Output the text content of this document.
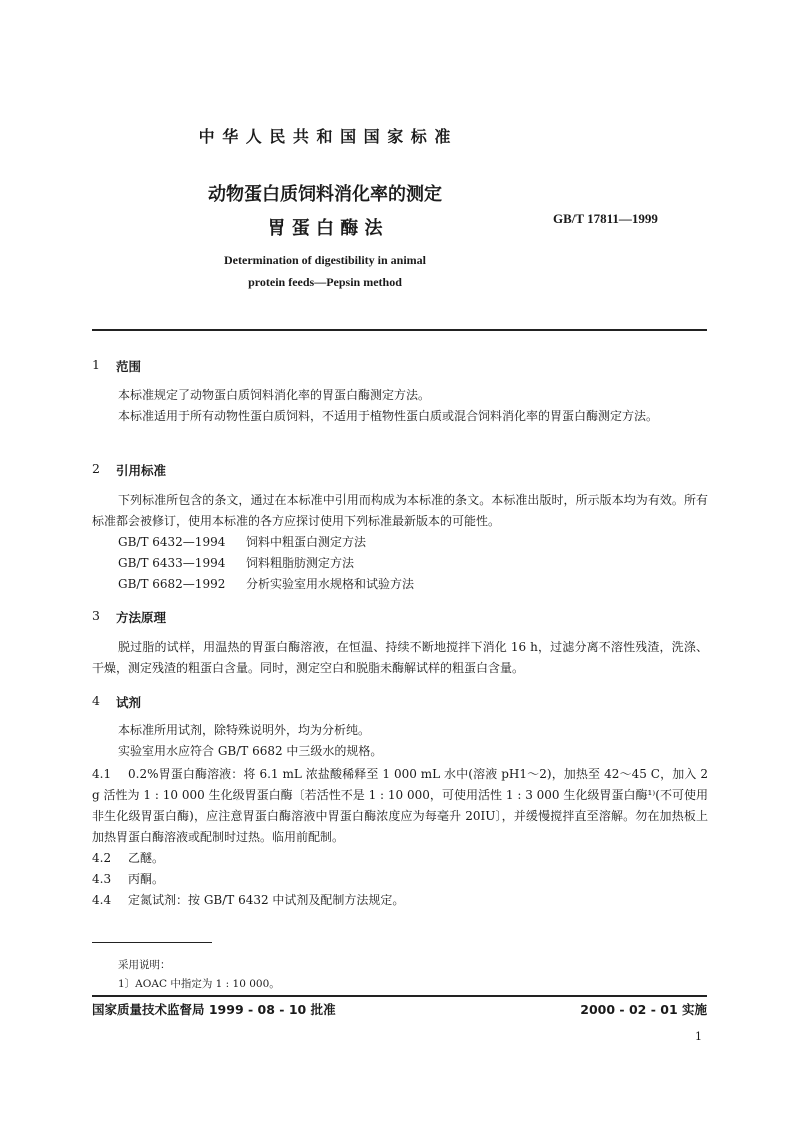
中 华 人 民 共 和 国 国 家 标 准
动物蛋白质饲料消化率的测定
胃 蛋 白 酶 法	GB/T 17811—1999
Determination of digestibility in animal
protein feeds—Pepsin method
1 范围
本标准规定了动物蛋白质饲料消化率的胃蛋白酶测定方法。
本标准适用于所有动物性蛋白质饲料，不适用于植物性蛋白质或混合饲料消化率的胃蛋白酶测定方法。
2 引用标准
下列标准所包含的条文，通过在本标准中引用而构成为本标准的条文。本标准出版时，所示版本均为有效。所有标准都会被修订，使用本标准的各方应探讨使用下列标准最新版本的可能性。
GB/T 6432—1994 饲料中粗蛋白测定方法
GB/T 6433—1994 饲料粗脂肪测定方法
GB/T 6682—1992 分析实验室用水规格和试验方法
3 方法原理
脱过脂的试样，用温热的胃蛋白酶溶液，在恒温、持续不断地搅拌下消化 16 h，过滤分离不溶性残渣，洗涤、干燥，测定残渣的粗蛋白含量。同时，测定空白和脱脂未酶解试样的粗蛋白含量。
4 试剂
本标准所用试剂，除特殊说明外，均为分析纯。
实验室用水应符合 GB/T 6682 中三级水的规格。
4.1	0.2%胃蛋白酶溶液：将 6.1 mL 浓盐酸稀释至 1 000 mL 水中(溶液 pH1～2)，加热至 42～45 C，加入 2 g 活性为 1 : 10 000 生化级胃蛋白酶〔若活性不是 1 : 10 000，可使用活性 1 : 3 000 生化级胃蛋白酶¹⁾(不可使用非生化级胃蛋白酶)，应注意胃蛋白酶溶液中胃蛋白酶浓度应为每毫升 20IU〕，并缓慢搅拌直至溶解。勿在加热板上加热胃蛋白酶溶液或配制时过热。临用前配制。
4.2 乙醚。
4.3 丙酮。
4.4 定氮试剂：按 GB/T 6432 中试剂及配制方法规定。
采用说明：
1〕AOAC 中指定为 1 : 10 000。
国家质量技术监督局 1999 - 08 - 10 批准	2000 - 02 - 01 实施
1
